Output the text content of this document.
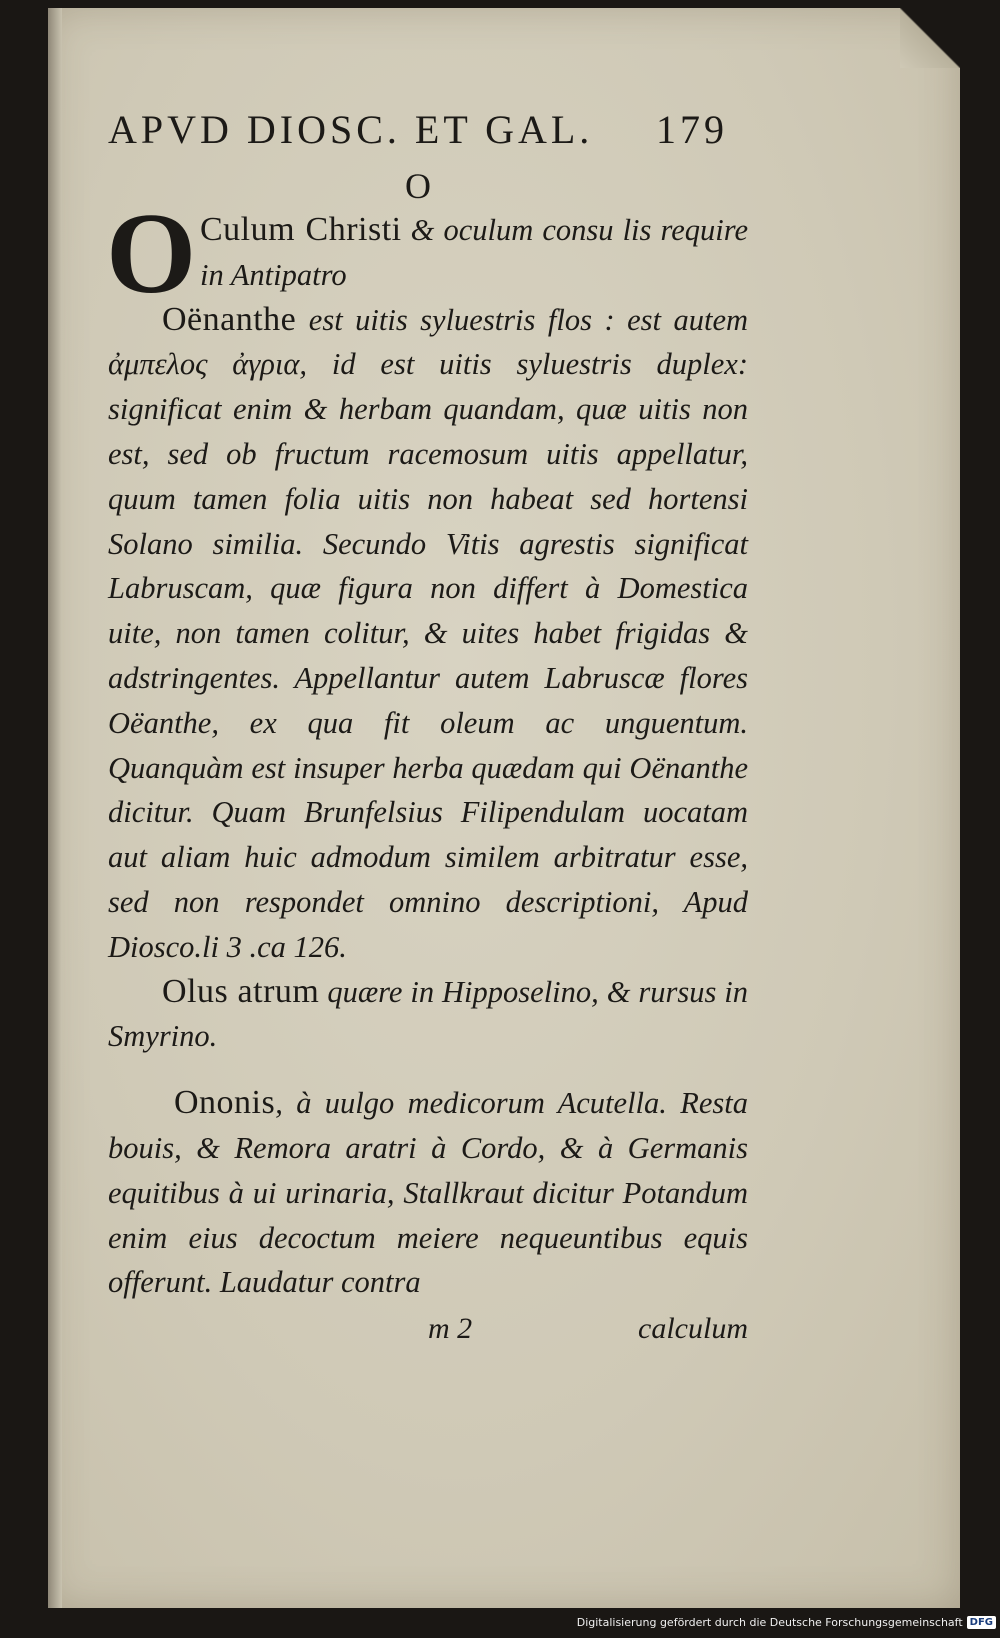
APVD DIOSC. ET GAL. 179
O

O Culum Christi & oculum consu lis require in Antipatro

Oënanthe est uitis syluestris flos : est autem ἀμπελος ἀγρια, id est uitis syluestris duplex: significat enim & herbam quandam, quæ uitis non est, sed ob fructum racemosum uitis appellatur, quum tamen folia uitis non habeat sed hortensi Solano similia. Secundo Vitis agrestis significat Labruscam, quæ figura non differt à Domestica uite, non tamen colitur, & uites habet frigidas & adstringentes. Appellantur autem Labruscæ flores Oëanthe, ex qua fit oleum ac unguentum. Quanquàm est insuper herba quædam qui Oënanthe dicitur. Quam Brunfelsius Filipendulam uocatam aut aliam huic admodum similem arbitratur esse, sed non respondet omnino descriptioni, Apud Diosco.li 3 .ca 126.

Olus atrum quære in Hipposelino, & rursus in Smyrino.

Ononis, à uulgo medicorum Acutella. Resta bouis, & Remora aratri à Cordo, & à Germanis equitibus à ui urinaria, Stallkraut dicitur Potandum enim eius decoctum meiere nequeuntibus equis offerunt. Laudatur contra

m 2	calculum
Digitalisierung gefördert durch die Deutsche Forschungsgemeinschaft DFG
